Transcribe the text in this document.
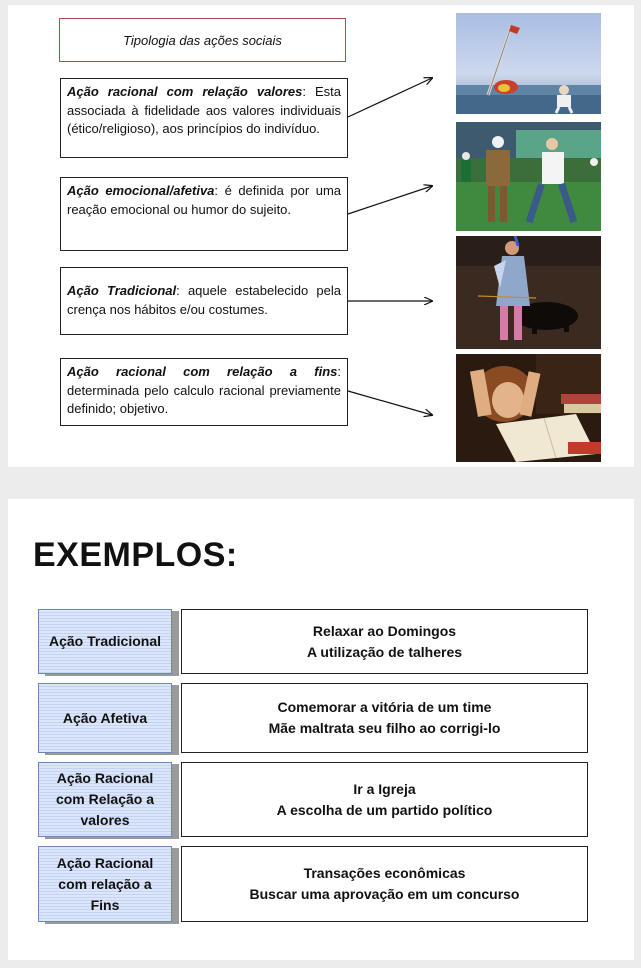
Tipologia das ações sociais
Ação racional com relação valores: Esta associada à fidelidade aos valores individuais (ético/religioso), aos princípios do indivíduo.
Ação emocional/afetiva: é definida por uma reação emocional ou humor do sujeito.
Ação Tradicional: aquele estabelecido pela crença nos hábitos e/ou costumes.
Ação racional com relação a fins: determinada pelo calculo racional previamente definido; objetivo.
EXEMPLOS:
Ação Tradicional
Relaxar ao Domingos
A utilização de talheres
Ação Afetiva
Comemorar a vitória de um time
Mãe maltrata seu filho ao corrigi-lo
Ação Racional com Relação a valores
Ir a Igreja
A escolha de um partido político
Ação Racional com relação a Fins
Transações econômicas
Buscar uma aprovação em um concurso
